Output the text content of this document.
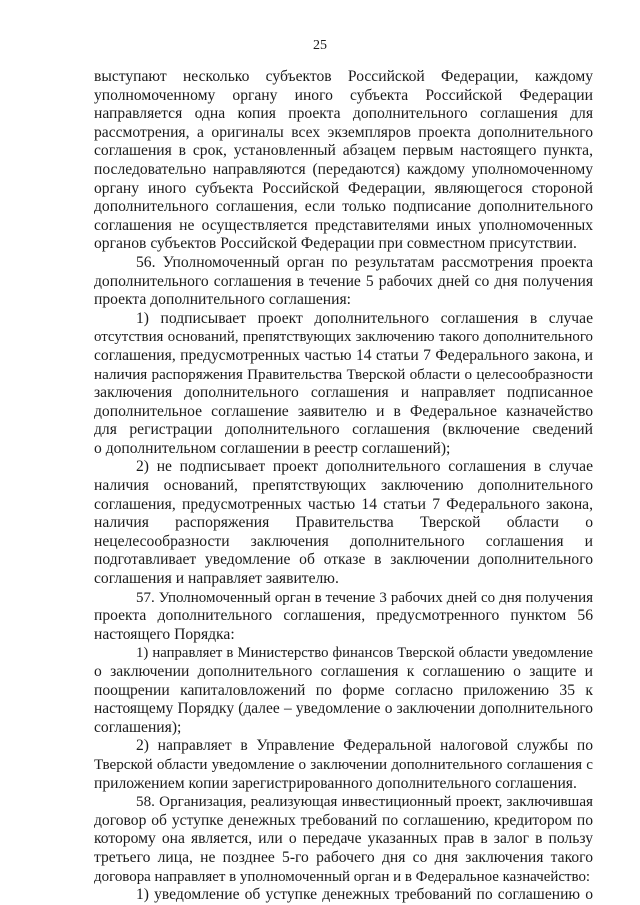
25
выступают несколько субъектов Российской Федерации, каждому
уполномоченному органу иного субъекта Российской Федерации
направляется одна копия проекта дополнительного соглашения для
рассмотрения, а оригиналы всех экземпляров проекта дополнительного
соглашения в срок, установленный абзацем первым настоящего пункта,
последовательно направляются (передаются) каждому уполномоченному
органу иного субъекта Российской Федерации, являющегося стороной
дополнительного соглашения, если только подписание дополнительного
соглашения не осуществляется представителями иных уполномоченных
органов субъектов Российской Федерации при совместном присутствии.
56. Уполномоченный орган по результатам рассмотрения проекта
дополнительного соглашения в течение 5 рабочих дней со дня получения
проекта дополнительного соглашения:
1) подписывает проект дополнительного соглашения в случае
отсутствия оснований, препятствующих заключению такого дополнительного
соглашения, предусмотренных частью 14 статьи 7 Федерального закона, и
наличия распоряжения Правительства Тверской области о целесообразности
заключения дополнительного соглашения и направляет подписанное
дополнительное соглашение заявителю и в Федеральное казначейство
для регистрации дополнительного соглашения (включение сведений
о дополнительном соглашении в реестр соглашений);
2) не подписывает проект дополнительного соглашения в случае
наличия оснований, препятствующих заключению дополнительного
соглашения, предусмотренных частью 14 статьи 7 Федерального закона,
наличия распоряжения Правительства Тверской области о
нецелесообразности заключения дополнительного соглашения и
подготавливает уведомление об отказе в заключении дополнительного
соглашения и направляет заявителю.
57. Уполномоченный орган в течение 3 рабочих дней со дня получения
проекта дополнительного соглашения, предусмотренного пунктом 56
настоящего Порядка:
1) направляет в Министерство финансов Тверской области уведомление
о заключении дополнительного соглашения к соглашению о защите и
поощрении капиталовложений по форме согласно приложению 35 к
настоящему Порядку (далее – уведомление о заключении дополнительного
соглашения);
2) направляет в Управление Федеральной налоговой службы по
Тверской области уведомление о заключении дополнительного соглашения с
приложением копии зарегистрированного дополнительного соглашения.
58. Организация, реализующая инвестиционный проект, заключившая
договор об уступке денежных требований по соглашению, кредитором по
которому она является, или о передаче указанных прав в залог в пользу
третьего лица, не позднее 5-го рабочего дня со дня заключения такого
договора направляет в уполномоченный орган и в Федеральное казначейство:
1) уведомление об уступке денежных требований по соглашению о
